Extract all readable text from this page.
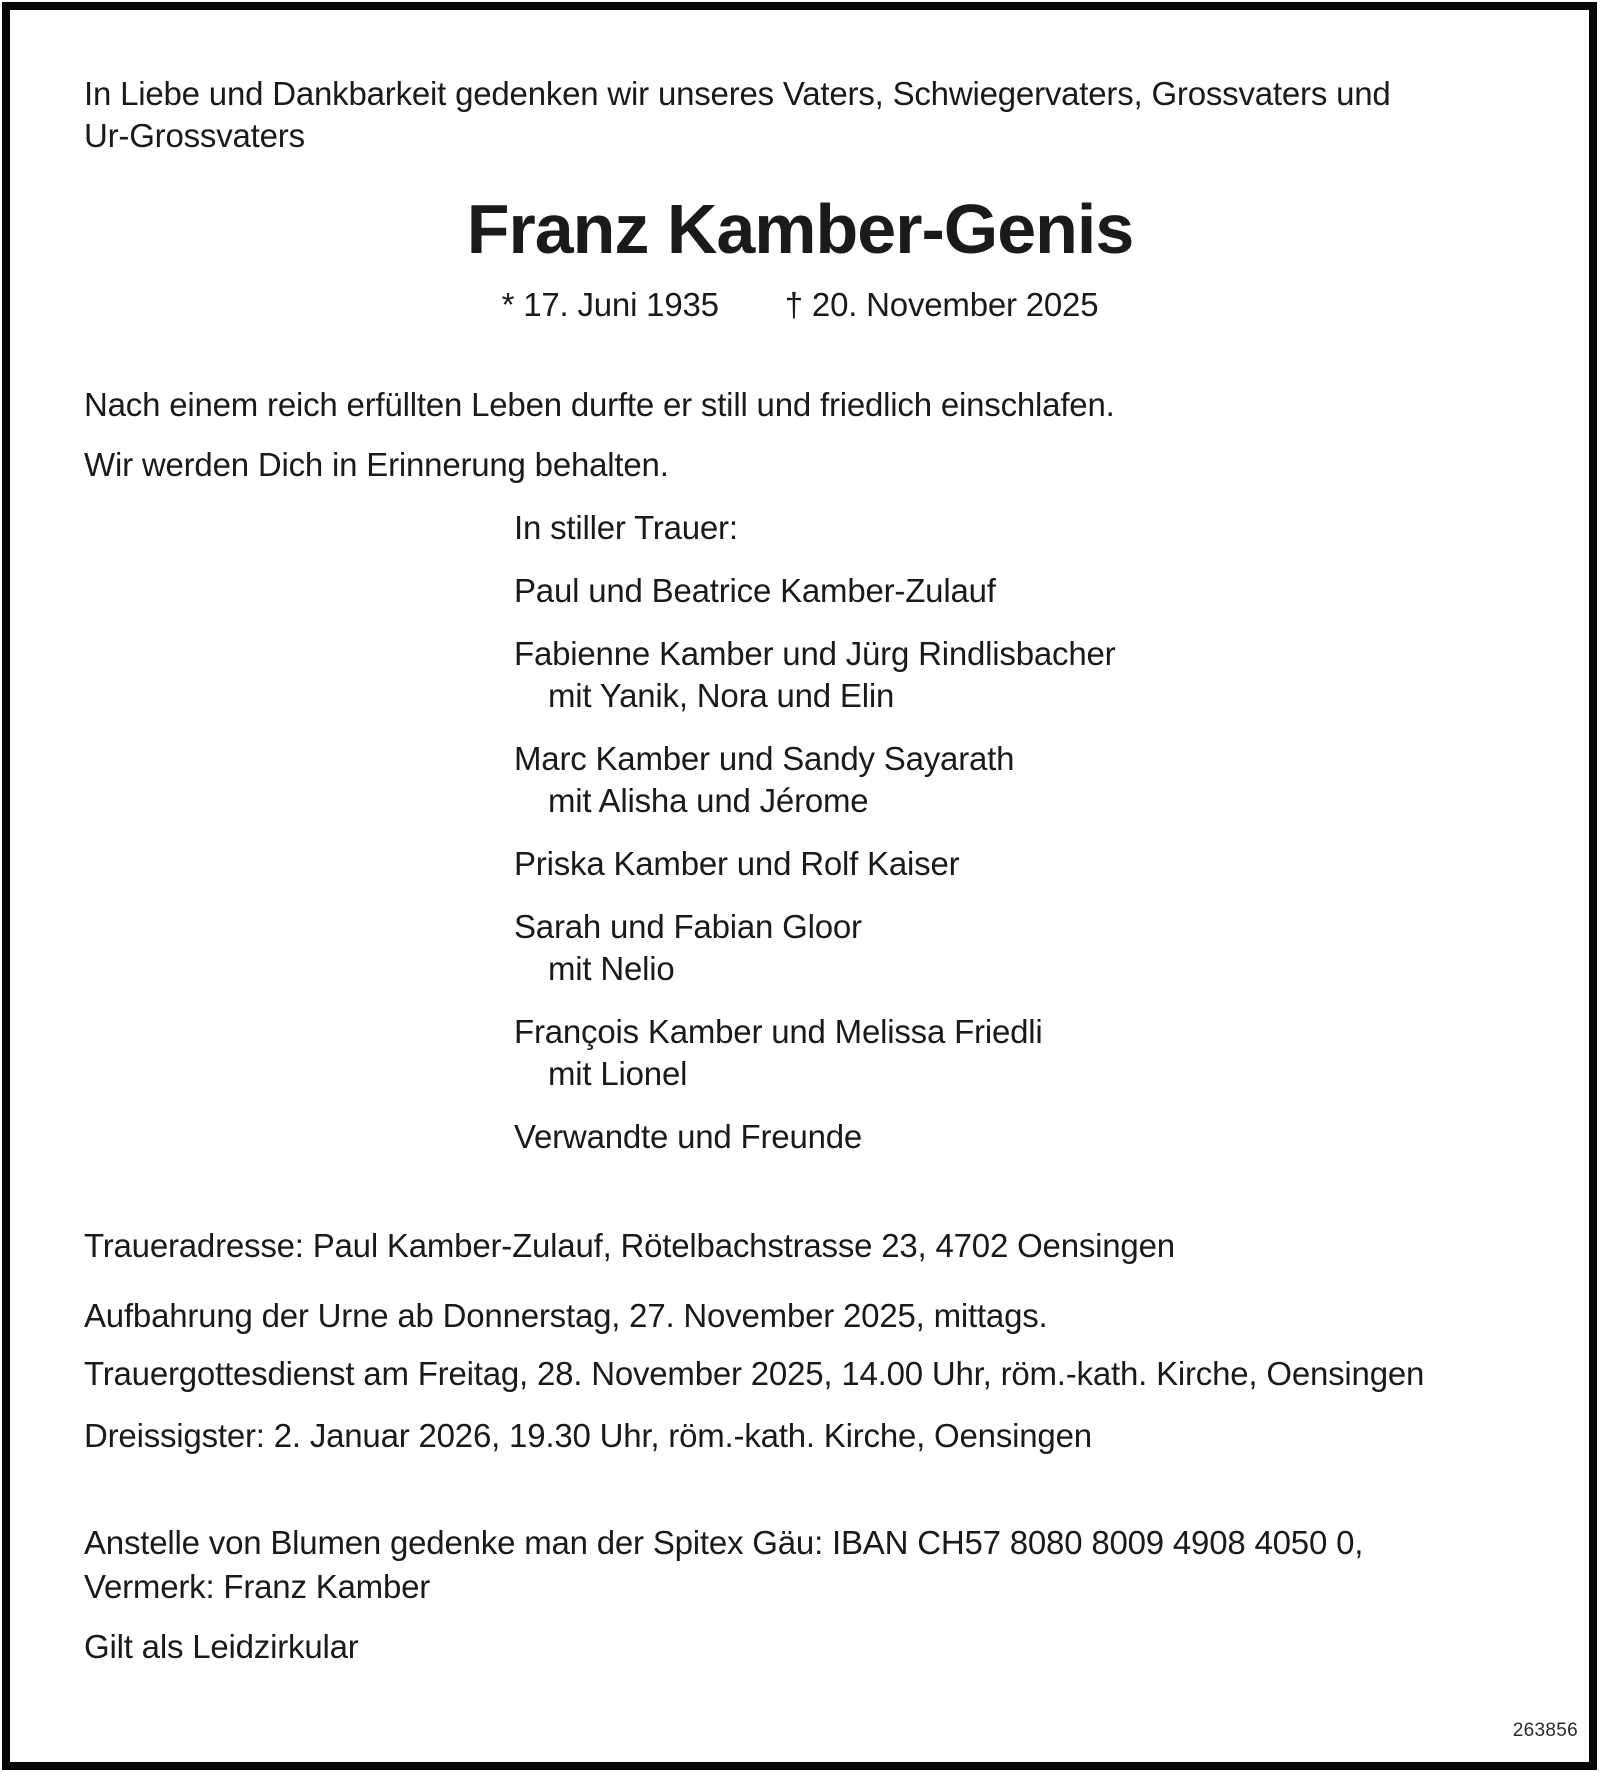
In Liebe und Dankbarkeit gedenken wir unseres Vaters, Schwiegervaters, Grossvaters und
Ur-Grossvaters
Franz Kamber-Genis
* 17. Juni 1935 † 20. November 2025
Nach einem reich erfüllten Leben durfte er still und friedlich einschlafen.
Wir werden Dich in Erinnerung behalten.
In stiller Trauer:
Paul und Beatrice Kamber-Zulauf
Fabienne Kamber und Jürg Rindlisbacher
mit Yanik, Nora und Elin
Marc Kamber und Sandy Sayarath
mit Alisha und Jérome
Priska Kamber und Rolf Kaiser
Sarah und Fabian Gloor
mit Nelio
François Kamber und Melissa Friedli
mit Lionel
Verwandte und Freunde
Traueradresse: Paul Kamber-Zulauf, Rötelbachstrasse 23, 4702 Oensingen
Aufbahrung der Urne ab Donnerstag, 27. November 2025, mittags.
Trauergottesdienst am Freitag, 28. November 2025, 14.00 Uhr, röm.-kath. Kirche, Oensingen
Dreissigster: 2. Januar 2026, 19.30 Uhr, röm.-kath. Kirche, Oensingen
Anstelle von Blumen gedenke man der Spitex Gäu: IBAN CH57 8080 8009 4908 4050 0,
Vermerk: Franz Kamber
Gilt als Leidzirkular
263856
